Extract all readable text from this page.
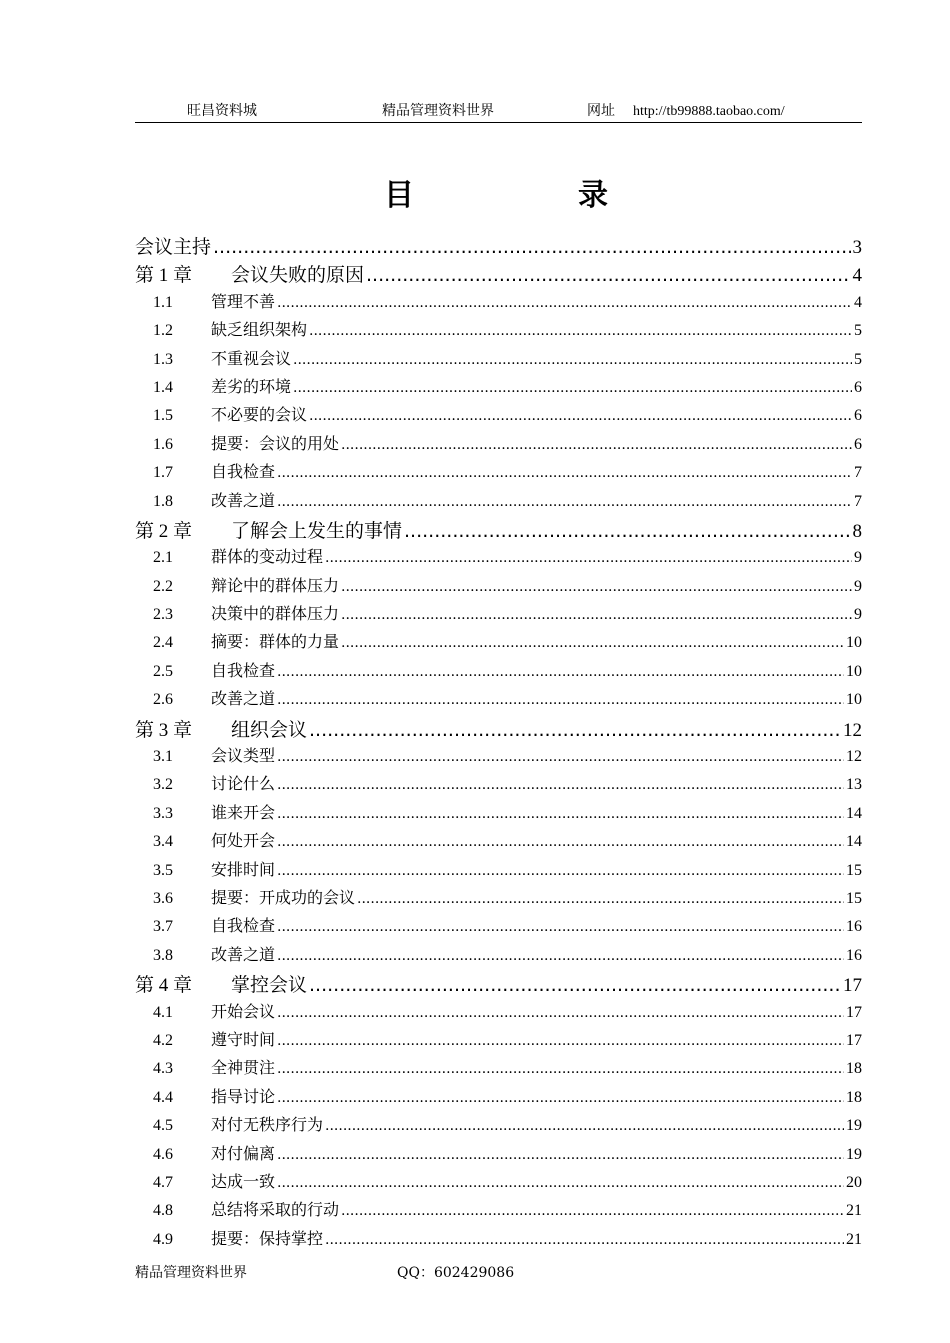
旺昌资料城	精品管理资料世界	网址 http://tb99888.taobao.com/
目	录
会议主持 .....	3
第 1 章	会议失败的原因 .....	4
1.1	管理不善 .....	4
1.2	缺乏组织架构 .....	5
1.3	不重视会议 .....	5
1.4	差劣的环境 .....	6
1.5	不必要的会议 .....	6
1.6	提要：会议的用处 .....	6
1.7	自我检查 .....	7
1.8	改善之道 .....	7
第 2 章	了解会上发生的事情 .....	8
2.1	群体的变动过程 .....	9
2.2	辩论中的群体压力 .....	9
2.3	决策中的群体压力 .....	9
2.4	摘要：群体的力量 .....	10
2.5	自我检查 .....	10
2.6	改善之道 .....	10
第 3 章	组织会议 .....	12
3.1	会议类型 .....	12
3.2	讨论什么 .....	13
3.3	谁来开会 .....	14
3.4	何处开会 .....	14
3.5	安排时间 .....	15
3.6	提要：开成功的会议 .....	15
3.7	自我检查 .....	16
3.8	改善之道 .....	16
第 4 章	掌控会议 .....	17
4.1	开始会议 .....	17
4.2	遵守时间 .....	17
4.3	全神贯注 .....	18
4.4	指导讨论 .....	18
4.5	对付无秩序行为 .....	19
4.6	对付偏离 .....	19
4.7	达成一致 .....	20
4.8	总结将采取的行动 .....	21
4.9	提要：保持掌控 .....	21
精品管理资料世界	QQ：602429086
